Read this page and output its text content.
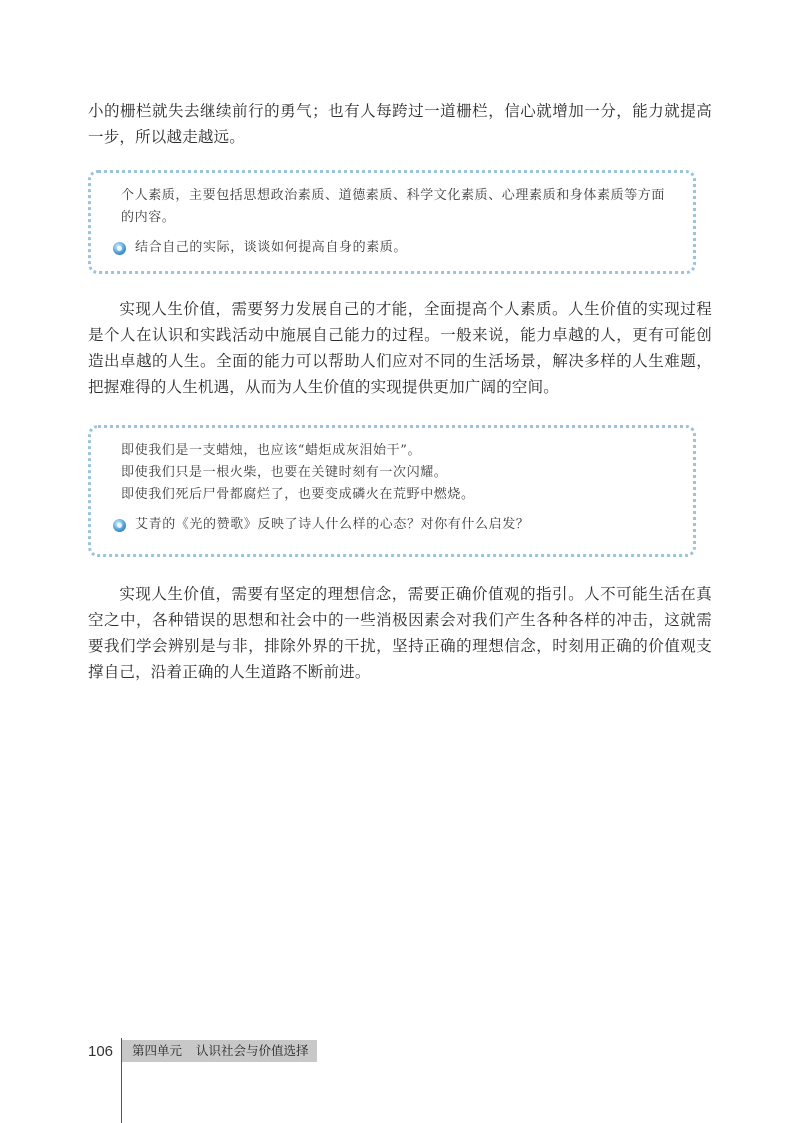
小的栅栏就失去继续前行的勇气；也有人每跨过一道栅栏，信心就增加一分，能力就提高一步，所以越走越远。

个人素质，主要包括思想政治素质、道德素质、科学文化素质、心理素质和身体素质等方面的内容。

结合自己的实际，谈谈如何提高自身的素质。

实现人生价值，需要努力发展自己的才能，全面提高个人素质。人生价值的实现过程是个人在认识和实践活动中施展自己能力的过程。一般来说，能力卓越的人，更有可能创造出卓越的人生。全面的能力可以帮助人们应对不同的生活场景，解决多样的人生难题，把握难得的人生机遇，从而为人生价值的实现提供更加广阔的空间。

即使我们是一支蜡烛，也应该“蜡炬成灰泪始干”。

即使我们只是一根火柴，也要在关键时刻有一次闪耀。

即使我们死后尸骨都腐烂了，也要变成磷火在荒野中燃烧。

艾青的《光的赞歌》反映了诗人什么样的心态？对你有什么启发？

实现人生价值，需要有坚定的理想信念，需要正确价值观的指引。人不可能生活在真空之中，各种错误的思想和社会中的一些消极因素会对我们产生各种各样的冲击，这就需要我们学会辨别是与非，排除外界的干扰，坚持正确的理想信念，时刻用正确的价值观支撑自己，沿着正确的人生道路不断前进。

106	第四单元 认识社会与价值选择
